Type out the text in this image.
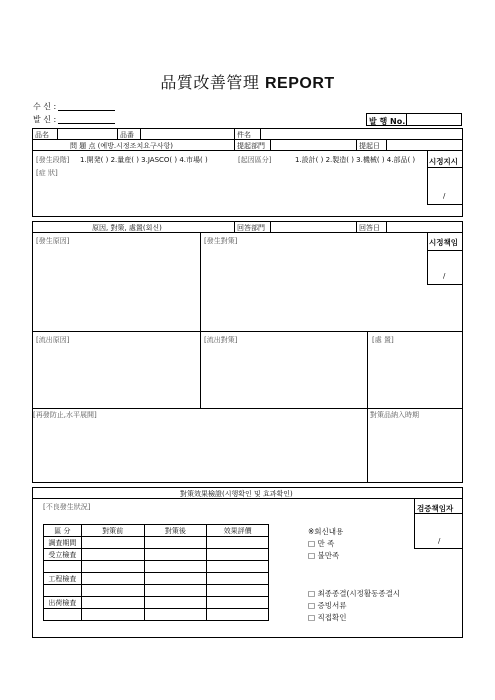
品質改善管理 REPORT
수 신 :
발 신 :	발 행 No.
品名	品番	件名
問 題 点 (예방.시정조치요구사항)	提起部門	提起日
[發生段階] 1.開発( ) 2.量産( ) 3.JASCO( ) 4.市場( )	[起因區分]	1.設計( ) 2.製造( ) 3.機械( ) 4.部品( )
[症 狀]
시정지시
/
原因, 對策, 處置(회신)	回答部門	回答日
[發生原因]	[發生對策]	시정책임
/
[流出原因]	[流出對策]	[處 置]
[再發防止,水平展開]	對策品納入時期
對策效果檢證(시행확인 및 효과확인)
[不良發生狀況]	검증책임자
/
區 分	對策前	對策後	效果評價
調査期間			
受立檢査			

工程檢査			

出荷檢査			

※회신내용
□ 만 족
□ 불만족
□ 최종종결(시정활동종결시
□ 증빙서류
□ 직접확인
